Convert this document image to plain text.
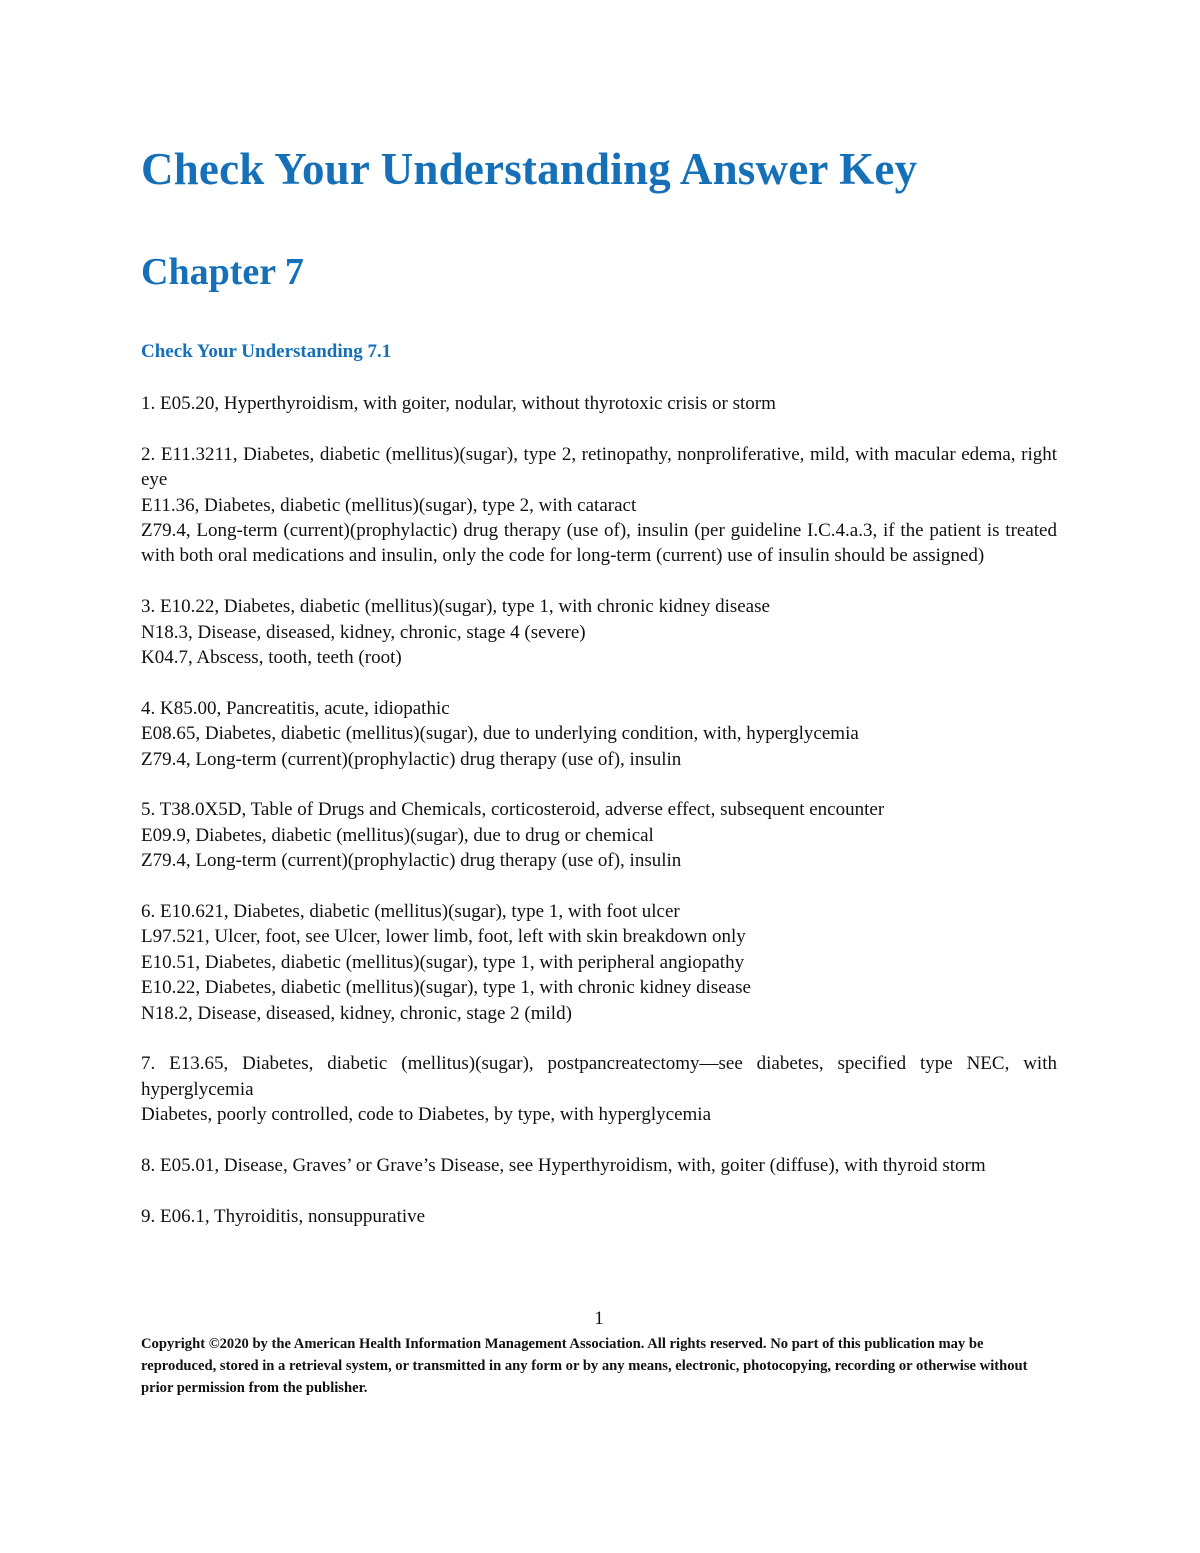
Check Your Understanding Answer Key
Chapter 7
Check Your Understanding 7.1
1. E05.20, Hyperthyroidism, with goiter, nodular, without thyrotoxic crisis or storm
2. E11.3211, Diabetes, diabetic (mellitus)(sugar), type 2, retinopathy, nonproliferative, mild, with macular edema, right eye
E11.36, Diabetes, diabetic (mellitus)(sugar), type 2, with cataract
Z79.4, Long-term (current)(prophylactic) drug therapy (use of), insulin (per guideline I.C.4.a.3, if the patient is treated with both oral medications and insulin, only the code for long-term (current) use of insulin should be assigned)
3. E10.22, Diabetes, diabetic (mellitus)(sugar), type 1, with chronic kidney disease
N18.3, Disease, diseased, kidney, chronic, stage 4 (severe)
K04.7, Abscess, tooth, teeth (root)
4. K85.00, Pancreatitis, acute, idiopathic
E08.65, Diabetes, diabetic (mellitus)(sugar), due to underlying condition, with, hyperglycemia
Z79.4, Long-term (current)(prophylactic) drug therapy (use of), insulin
5. T38.0X5D, Table of Drugs and Chemicals, corticosteroid, adverse effect, subsequent encounter
E09.9, Diabetes, diabetic (mellitus)(sugar), due to drug or chemical
Z79.4, Long-term (current)(prophylactic) drug therapy (use of), insulin
6. E10.621, Diabetes, diabetic (mellitus)(sugar), type 1, with foot ulcer
L97.521, Ulcer, foot, see Ulcer, lower limb, foot, left with skin breakdown only
E10.51, Diabetes, diabetic (mellitus)(sugar), type 1, with peripheral angiopathy
E10.22, Diabetes, diabetic (mellitus)(sugar), type 1, with chronic kidney disease
N18.2, Disease, diseased, kidney, chronic, stage 2 (mild)
7. E13.65, Diabetes, diabetic (mellitus)(sugar), postpancreatectomy—see diabetes, specified type NEC, with hyperglycemia
Diabetes, poorly controlled, code to Diabetes, by type, with hyperglycemia
8. E05.01, Disease, Graves’ or Grave’s Disease, see Hyperthyroidism, with, goiter (diffuse), with thyroid storm
9. E06.1, Thyroiditis, nonsuppurative
1
Copyright ©2020 by the American Health Information Management Association. All rights reserved. No part of this publication may be reproduced, stored in a retrieval system, or transmitted in any form or by any means, electronic, photocopying, recording or otherwise without prior permission from the publisher.
